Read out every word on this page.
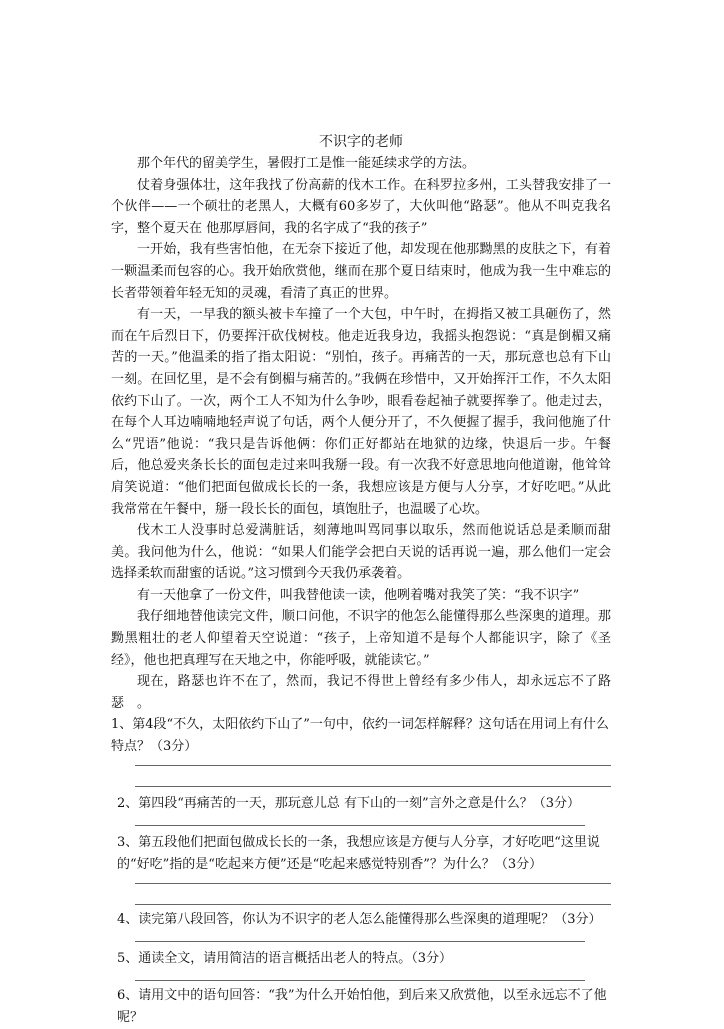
不识字的老师

那个年代的留美学生，暑假打工是惟一能延续求学的方法。

仗着身强体壮，这年我找了份高薪的伐木工作。在科罗拉多州，工头替我安排了一个伙伴——一个硕壮的老黑人，大概有60多岁了，大伙叫他“路瑟”。他从不叫克我名字，整个夏天在 他那厚唇间，我的名字成了“我的孩子”

一开始，我有些害怕他，在无奈下接近了他，却发现在他那黝黑的皮肤之下，有着一颗温柔而包容的心。我开始欣赏他，继而在那个夏日结束时，他成为我一生中难忘的长者带领着年轻无知的灵魂，看清了真正的世界。

有一天，一早我的额头被卡车撞了一个大包，中午时，在拇指又被工具砸伤了，然而在午后烈日下，仍要挥汗砍伐树枝。他走近我身边，我摇头抱怨说：“真是倒楣又痛苦的一天。”他温柔的指了指太阳说：“别怕，孩子。再痛苦的一天，那玩意也总有下山一刻。在回忆里，是不会有倒楣与痛苦的。”我俩在珍惜中，又开始挥汗工作，不久太阳依约下山了。一次，两个工人不知为什么争吵，眼看卷起袖子就要挥拳了。他走过去，在每个人耳边喃喃地轻声说了句话，两个人便分开了，不久便握了握手，我问他施了什么“咒语”他说：“我只是告诉他俩：你们正好都站在地狱的边缘，快退后一步。午餐后，他总爱夹条长长的面包走过来叫我掰一段。有一次我不好意思地向他道谢，他耸耸肩笑说道：“他们把面包做成长长的一条，我想应该是方便与人分享，才好吃吧。”从此我常常在午餐中，掰一段长长的面包，填饱肚子，也温暖了心坎。

伐木工人没事时总爱满脏话，刻薄地叫骂同事以取乐，然而他说话总是柔顺而甜美。我问他为什么，他说：“如果人们能学会把白天说的话再说一遍，那么他们一定会选择柔软而甜蜜的话说。”这习惯到今天我仍承袭着。

有一天他拿了一份文件，叫我替他读一读，他咧着嘴对我笑了笑：“我不识字”

我仔细地替他读完文件，顺口问他，不识字的他怎么能懂得那么些深奥的道理。那黝黑粗壮的老人仰望着天空说道：“孩子，上帝知道不是每个人都能识字，除了《圣经》，他也把真理写在天地之中，你能呼吸，就能读它。”

现在，路瑟也许不在了，然而，我记不得世上曾经有多少伟人，却永远忘不了路瑟　。

1、第4段“不久，太阳依约下山了”一句中，依约一词怎样解释？这句话在用词上有什么特点？（3分）

2、第四段“再痛苦的一天，那玩意儿总 有下山的一刻”言外之意是什么？（3分）

3、第五段他们把面包做成长长的一条，我想应该是方便与人分享，才好吃吧“这里说的“好吃”指的是“吃起来方便”还是“吃起来感觉特别香”？为什么？（3分）

4、读完第八段回答，你认为不识字的老人怎么能懂得那么些深奥的道理呢？（3分）

5、通读全文，请用简洁的语言概括出老人的特点。（3分）

6、请用文中的语句回答：“我”为什么开始怕他，到后来又欣赏他，以至永远忘不了他呢？
